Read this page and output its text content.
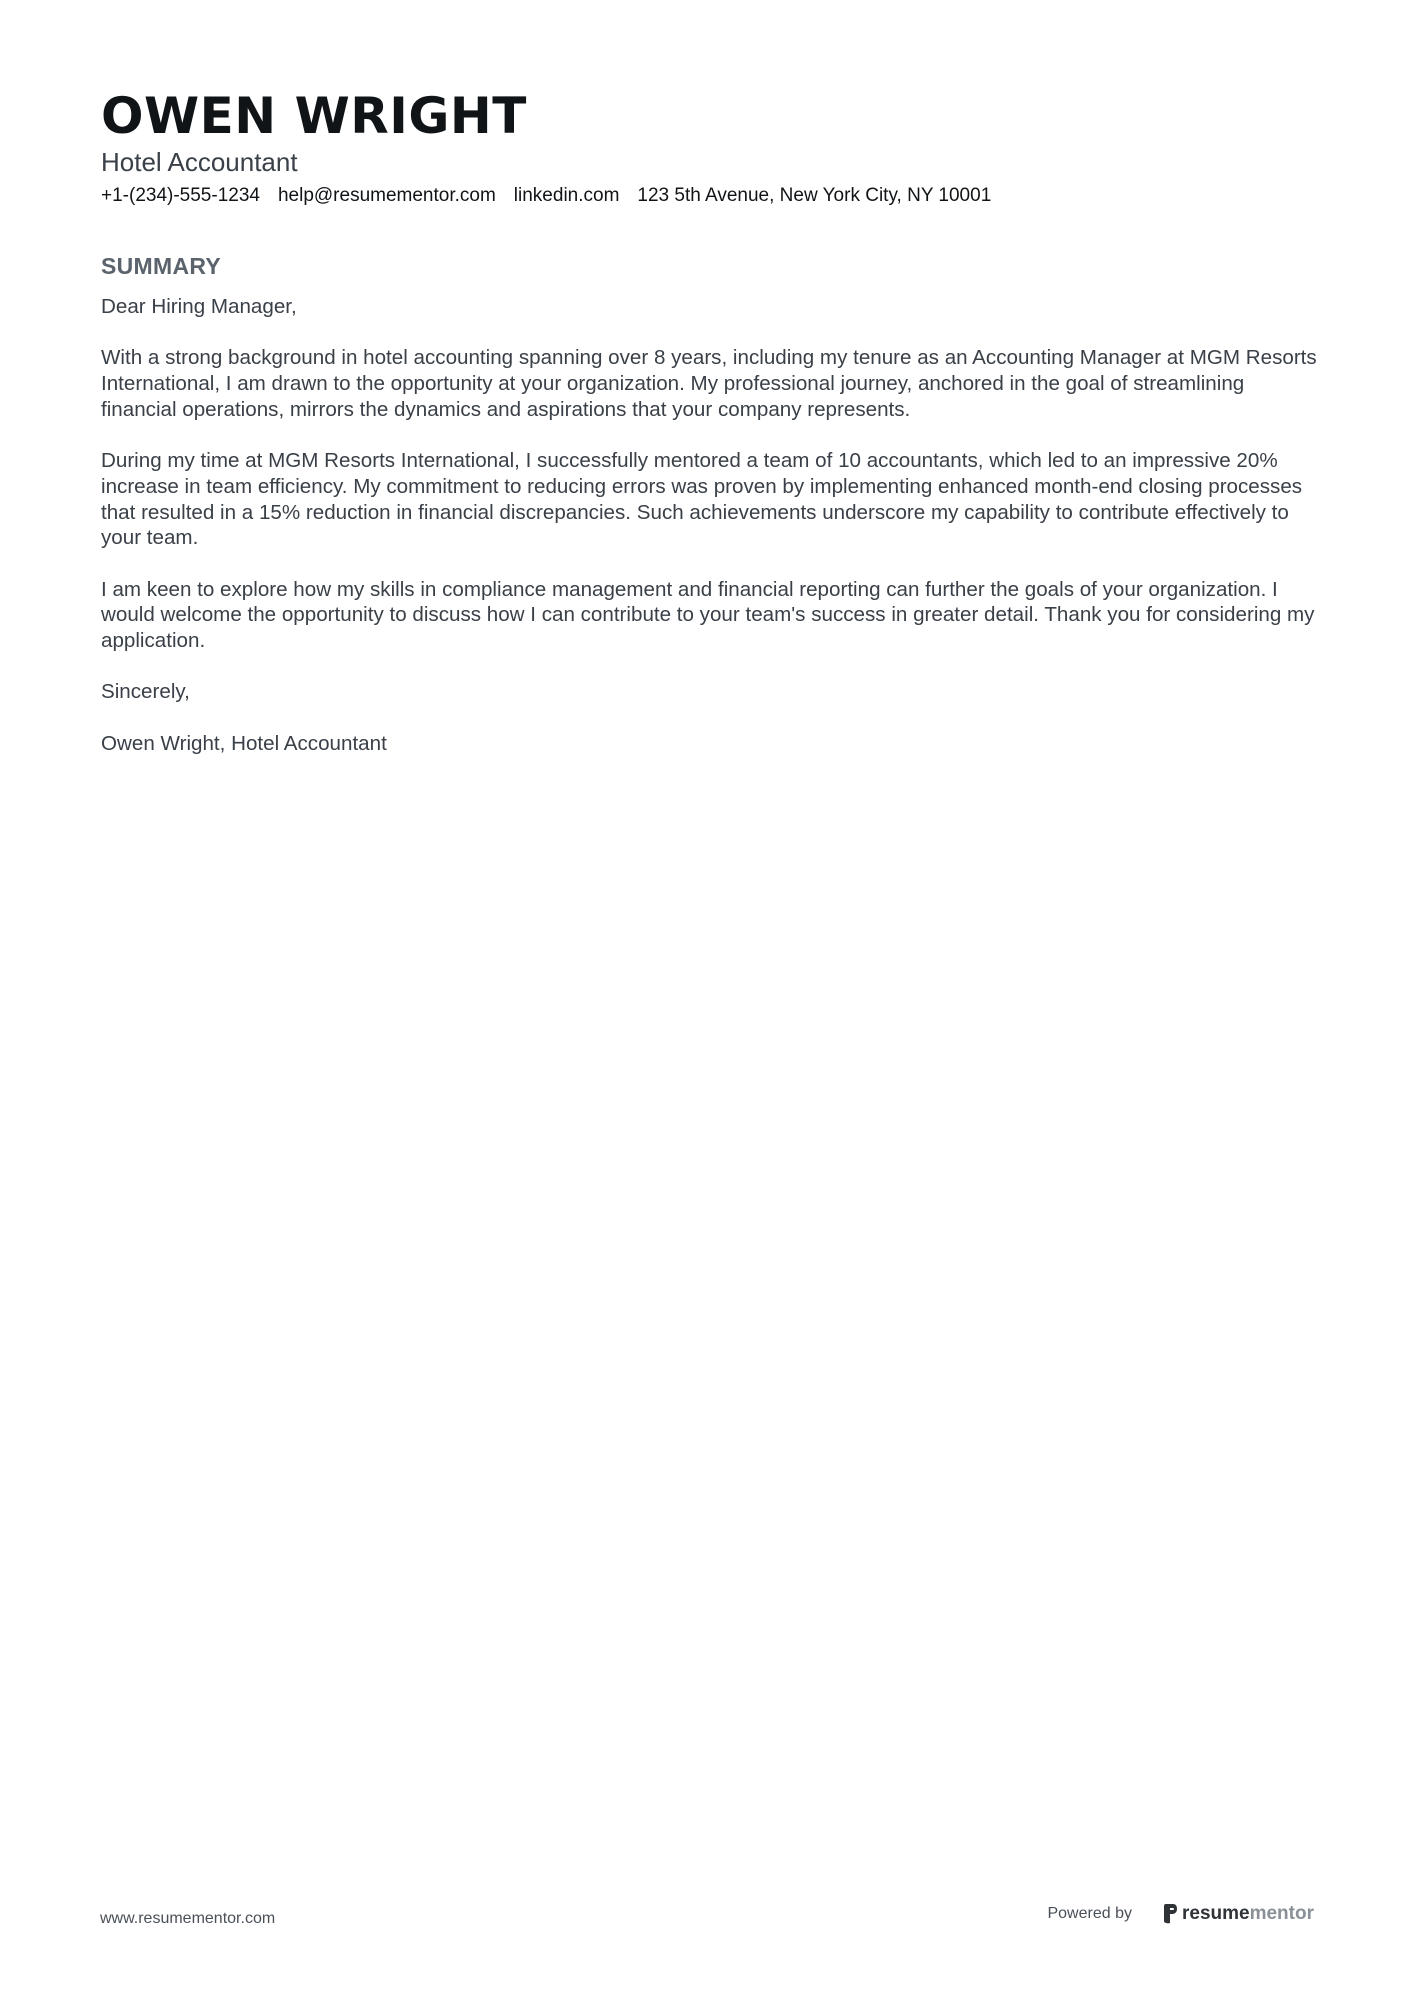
OWEN WRIGHT
Hotel Accountant
+1-(234)-555-1234 help@resumementor.com linkedin.com 123 5th Avenue, New York City, NY 10001
SUMMARY

Dear Hiring Manager,

With a strong background in hotel accounting spanning over 8 years, including my tenure as an Accounting Manager at MGM Resorts International, I am drawn to the opportunity at your organization. My professional journey, anchored in the goal of streamlining financial operations, mirrors the dynamics and aspirations that your company represents.

During my time at MGM Resorts International, I successfully mentored a team of 10 accountants, which led to an impressive 20% increase in team efficiency. My commitment to reducing errors was proven by implementing enhanced month-end closing processes that resulted in a 15% reduction in financial discrepancies. Such achievements underscore my capability to contribute effectively to your team.

I am keen to explore how my skills in compliance management and financial reporting can further the goals of your organization. I would welcome the opportunity to discuss how I can contribute to your team's success in greater detail. Thank you for considering my application.

Sincerely,

Owen Wright, Hotel Accountant

www.resumementor.com	Powered by	resumementor
